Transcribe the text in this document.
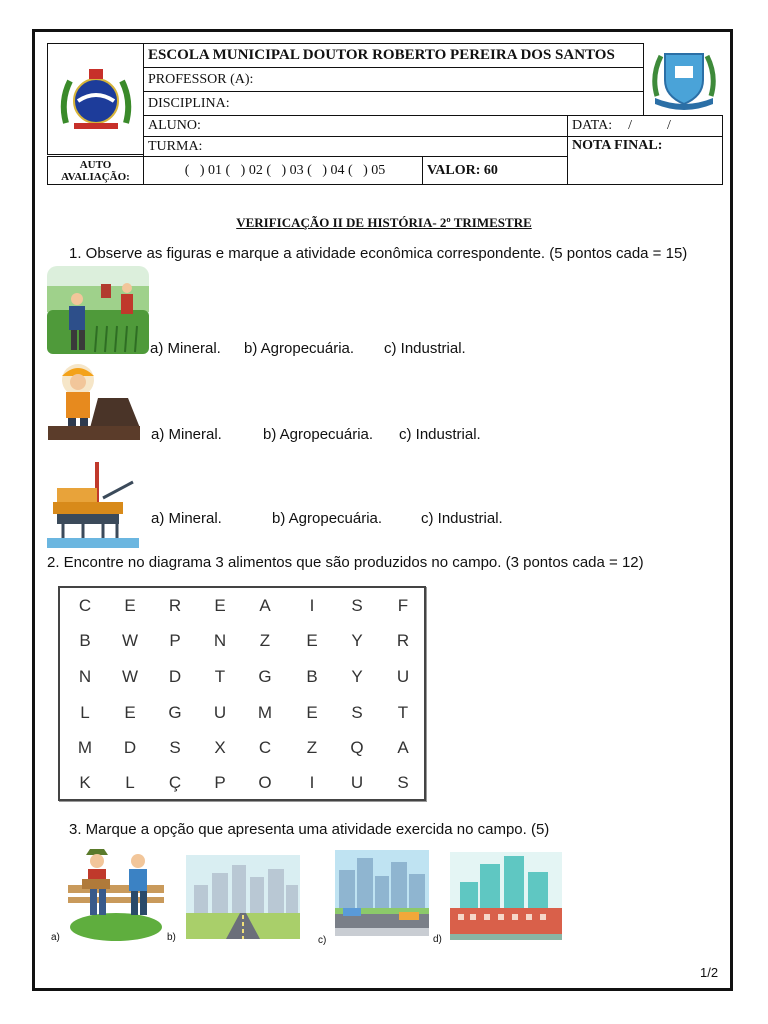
ESCOLA MUNICIPAL DOUTOR ROBERTO PEREIRA DOS SANTOS
PROFESSOR (A):
DISCIPLINA:
ALUNO:	DATA: /          /
TURMA:	NOTA FINAL:
AUTO
AVALIAÇÃO:	(   ) 01 (   ) 02 (   ) 03 (   ) 04 (   ) 05	VALOR: 60
VERIFICAÇÃO II DE HISTÓRIA- 2º TRIMESTRE
1. Observe as figuras e marque a atividade econômica correspondente. (5 pontos cada = 15)
a) Mineral. b) Agropecuária. c) Industrial.
a) Mineral.	b) Agropecuária. c) Industrial.
a) Mineral.	b) Agropecuária.	c) Industrial.
2. Encontre no diagrama 3 alimentos que são produzidos no campo. (3 pontos cada = 12)
C	E	R	E	A	I	S	F
B	W	P	N	Z	E	Y	R
N	W	D	T	G	B	Y	U
L	E	G	U	M	E	S	T
M	D	S	X	C	Z	Q	A
K	L	Ç	P	O	I	U	S
3. Marque a opção que apresenta uma atividade exercida no campo. (5)
a)	b)	c)	d)
1/2
